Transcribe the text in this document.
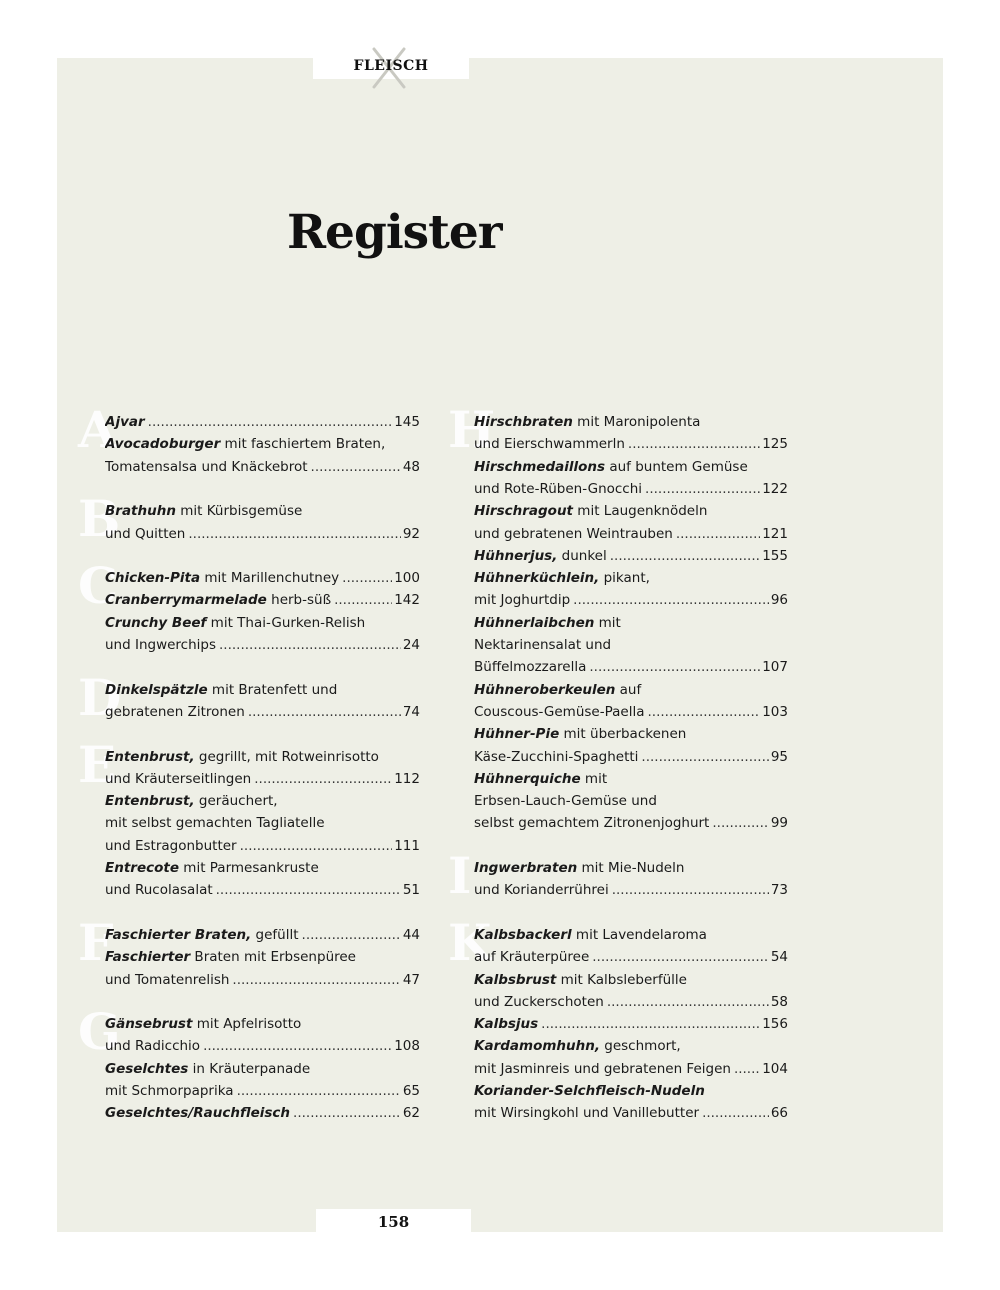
FLEISCH
Register
A
B
C
D
E
F
G
Ajvar .....	145
Avocadoburger mit faschiertem Braten,
Tomatensalsa und Knäckebrot .....	48
Brathuhn mit Kürbisgemüse
und Quitten .....	92
Chicken-Pita mit Marillenchutney .....	100
Cranberrymarmelade herb-süß .....	142
Crunchy Beef mit Thai-Gurken-Relish
und Ingwerchips .....	24
Dinkelspätzle mit Bratenfett und
gebratenen Zitronen .....	74
Entenbrust, gegrillt, mit Rotweinrisotto
und Kräuterseitlingen .....	112
Entenbrust, geräuchert,
mit selbst gemachten Tagliatelle
und Estragonbutter .....	111
Entrecote mit Parmesankruste
und Rucolasalat .....	51
Faschierter Braten, gefüllt .....	44
Faschierter Braten mit Erbsenpüree
und Tomatenrelish .....	47
Gänsebrust mit Apfelrisotto
und Radicchio .....	108
Geselchtes in Kräuterpanade
mit Schmorpaprika .....	65
Geselchtes/Rauchfleisch .....	62
H
I
K
Hirschbraten mit Maronipolenta
und Eierschwammerln .....	125
Hirschmedaillons auf buntem Gemüse
und Rote-Rüben-Gnocchi .....	122
Hirschragout mit Laugenknödeln
und gebratenen Weintrauben .....	121
Hühnerjus, dunkel .....	155
Hühnerküchlein, pikant,
mit Joghurtdip .....	96
Hühnerlaibchen mit
Nektarinensalat und
Büffelmozzarella .....	107
Hühneroberkeulen auf
Couscous-Gemüse-Paella .....	103
Hühner-Pie mit überbackenen
Käse-Zucchini-Spaghetti .....	95
Hühnerquiche mit
Erbsen-Lauch-Gemüse und
selbst gemachtem Zitronenjoghurt .....	99
Ingwerbraten mit Mie-Nudeln
und Korianderrührei .....	73
Kalbsbackerl mit Lavendelaroma
auf Kräuterpüree .....	54
Kalbsbrust mit Kalbsleberfülle
und Zuckerschoten .....	58
Kalbsjus .....	156
Kardamomhuhn, geschmort,
mit Jasminreis und gebratenen Feigen ..... 104
Koriander-Selchfleisch-Nudeln
mit Wirsingkohl und Vanillebutter .....	66
158
